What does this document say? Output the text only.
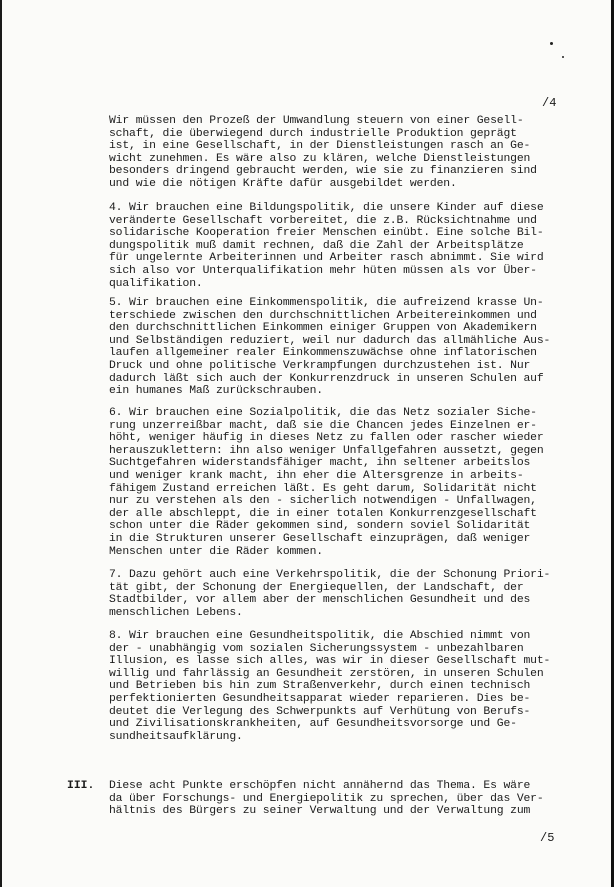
/4
Wir müssen den Prozeß der Umwandlung steuern von einer Gesell-
schaft, die überwiegend durch industrielle Produktion geprägt
ist, in eine Gesellschaft, in der Dienstleistungen rasch an Ge-
wicht zunehmen. Es wäre also zu klären, welche Dienstleistungen
besonders dringend gebraucht werden, wie sie zu finanzieren sind
und wie die nötigen Kräfte dafür ausgebildet werden.
4. Wir brauchen eine Bildungspolitik, die unsere Kinder auf diese
veränderte Gesellschaft vorbereitet, die z.B. Rücksichtnahme und
solidarische Kooperation freier Menschen einübt. Eine solche Bil-
dungspolitik muß damit rechnen, daß die Zahl der Arbeitsplätze
für ungelernte Arbeiterinnen und Arbeiter rasch abnimmt. Sie wird
sich also vor Unterqualifikation mehr hüten müssen als vor Über-
qualifikation.
5. Wir brauchen eine Einkommenspolitik, die aufreizend krasse Un-
terschiede zwischen den durchschnittlichen Arbeitereinkommen und
den durchschnittlichen Einkommen einiger Gruppen von Akademikern
und Selbständigen reduziert, weil nur dadurch das allmähliche Aus-
laufen allgemeiner realer Einkommenszuwächse ohne inflatorischen
Druck und ohne politische Verkrampfungen durchzustehen ist. Nur
dadurch läßt sich auch der Konkurrenzdruck in unseren Schulen auf
ein humanes Maß zurückschrauben.
6. Wir brauchen eine Sozialpolitik, die das Netz sozialer Siche-
rung unzerreißbar macht, daß sie die Chancen jedes Einzelnen er-
höht, weniger häufig in dieses Netz zu fallen oder rascher wieder
herauszuklettern: ihn also weniger Unfallgefahren aussetzt, gegen
Suchtgefahren widerstandsfähiger macht, ihn seltener arbeitslos
und weniger krank macht, ihn eher die Altersgrenze in arbeits-
fähigem Zustand erreichen läßt. Es geht darum, Solidarität nicht
nur zu verstehen als den - sicherlich notwendigen - Unfallwagen,
der alle abschleppt, die in einer totalen Konkurrenzgesellschaft
schon unter die Räder gekommen sind, sondern soviel Solidarität
in die Strukturen unserer Gesellschaft einzuprägen, daß weniger
Menschen unter die Räder kommen.
7. Dazu gehört auch eine Verkehrspolitik, die der Schonung Priori-
tät gibt, der Schonung der Energiequellen, der Landschaft, der
Stadtbilder, vor allem aber der menschlichen Gesundheit und des
menschlichen Lebens.
8. Wir brauchen eine Gesundheitspolitik, die Abschied nimmt von
der - unabhängig vom sozialen Sicherungssystem - unbezahlbaren
Illusion, es lasse sich alles, was wir in dieser Gesellschaft mut-
willig und fahrlässig an Gesundheit zerstören, in unseren Schulen
und Betrieben bis hin zum Straßenverkehr, durch einen technisch
perfektionierten Gesundheitsapparat wieder reparieren. Dies be-
deutet die Verlegung des Schwerpunkts auf Verhütung von Berufs-
und Zivilisationskrankheiten, auf Gesundheitsvorsorge und Ge-
sundheitsaufklärung.
III. Diese acht Punkte erschöpfen nicht annähernd das Thema. Es wäre
da über Forschungs- und Energiepolitik zu sprechen, über das Ver-
hältnis des Bürgers zu seiner Verwaltung und der Verwaltung zum
/5
